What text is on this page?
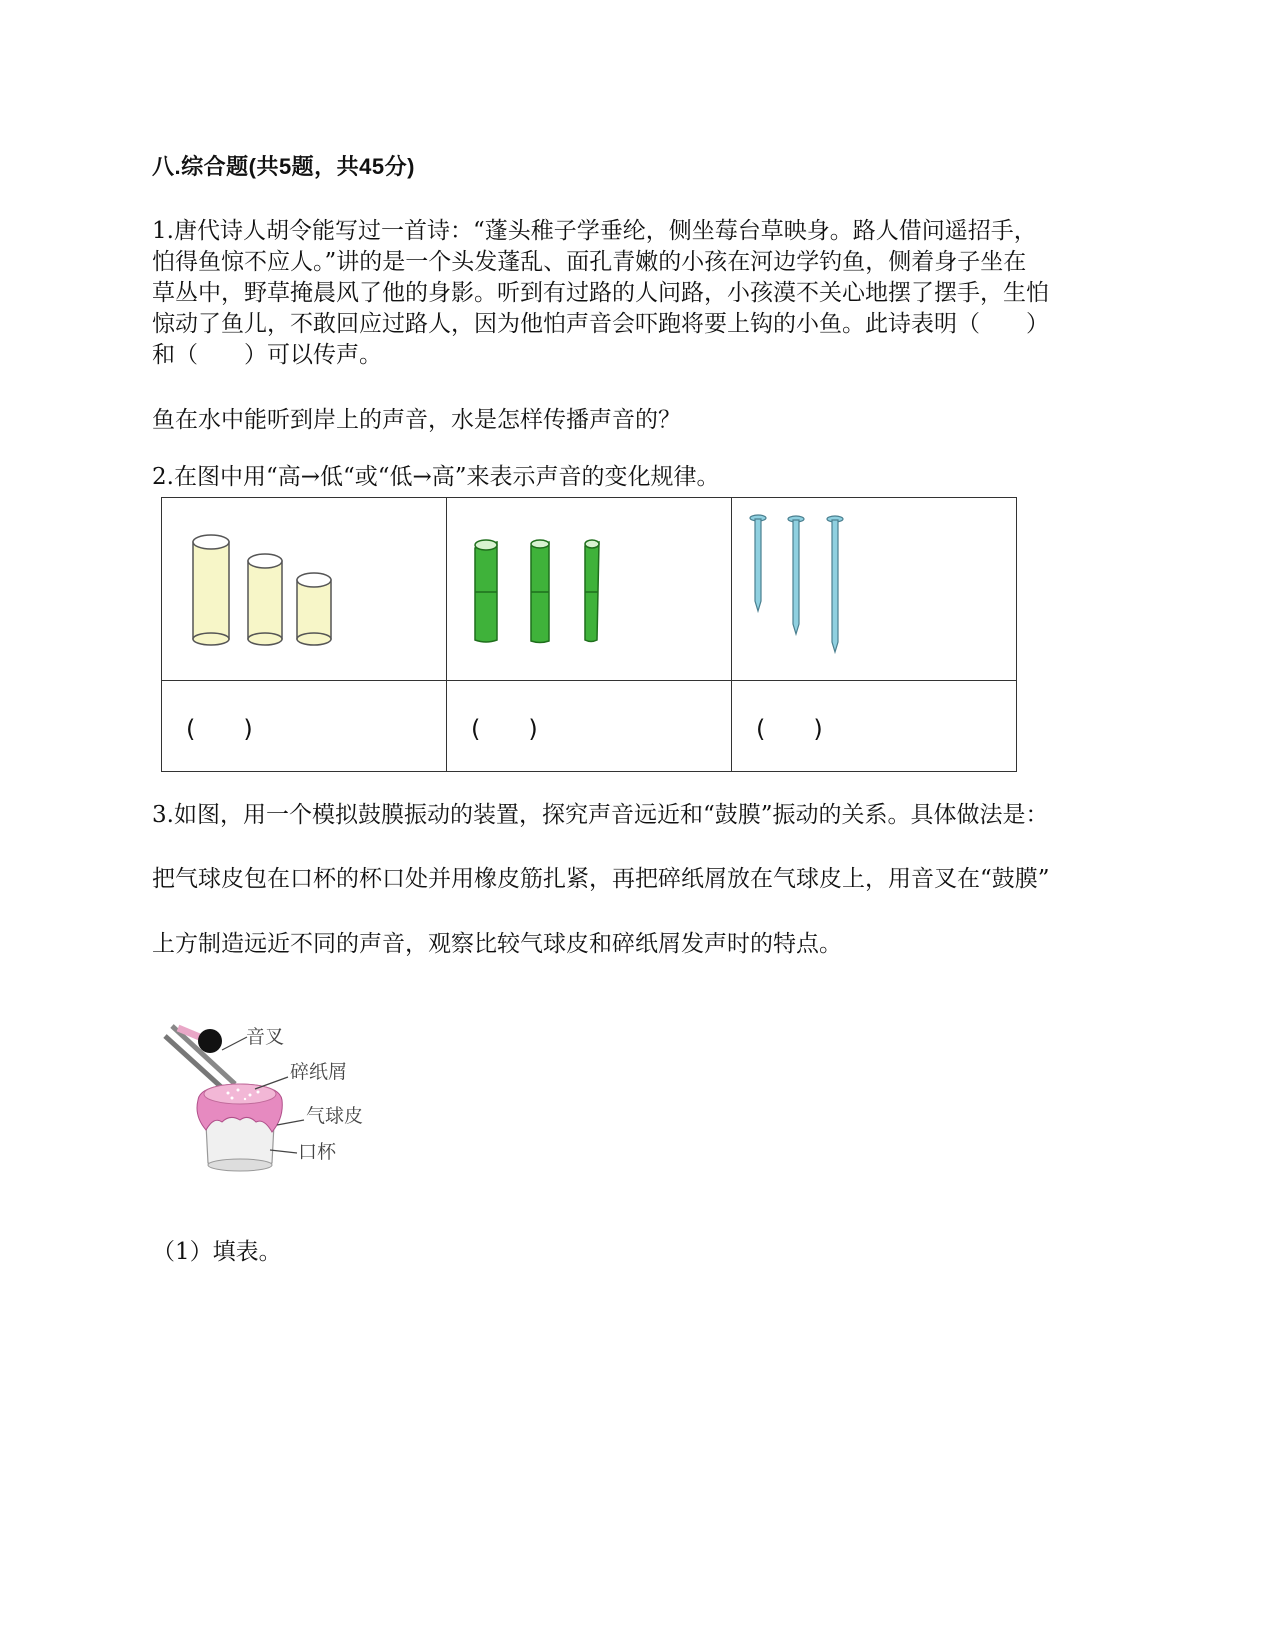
八.综合题(共5题，共45分)
1.唐代诗人胡令能写过一首诗：“蓬头稚子学垂纶，侧坐莓台草映身。路人借问遥招手，
怕得鱼惊不应人。”讲的是一个头发蓬乱、面孔青嫩的小孩在河边学钓鱼，侧着身子坐在
草丛中，野草掩晨风了他的身影。听到有过路的人问路，小孩漠不关心地摆了摆手，生怕
惊动了鱼儿，不敢回应过路人，因为他怕声音会吓跑将要上钩的小鱼。此诗表明（　　）
和（　　）可以传声。
鱼在水中能听到岸上的声音，水是怎样传播声音的？
2.在图中用“高→低“或“低→高”来表示声音的变化规律。

(　　)	(　　)	(　　)
3.如图，用一个模拟鼓膜振动的装置，探究声音远近和“鼓膜”振动的关系。具体做法是：
把气球皮包在口杯的杯口处并用橡皮筋扎紧，再把碎纸屑放在气球皮上，用音叉在“鼓膜”
上方制造远近不同的声音，观察比较气球皮和碎纸屑发声时的特点。
音叉
碎纸屑
气球皮
口杯
（1）填表。
